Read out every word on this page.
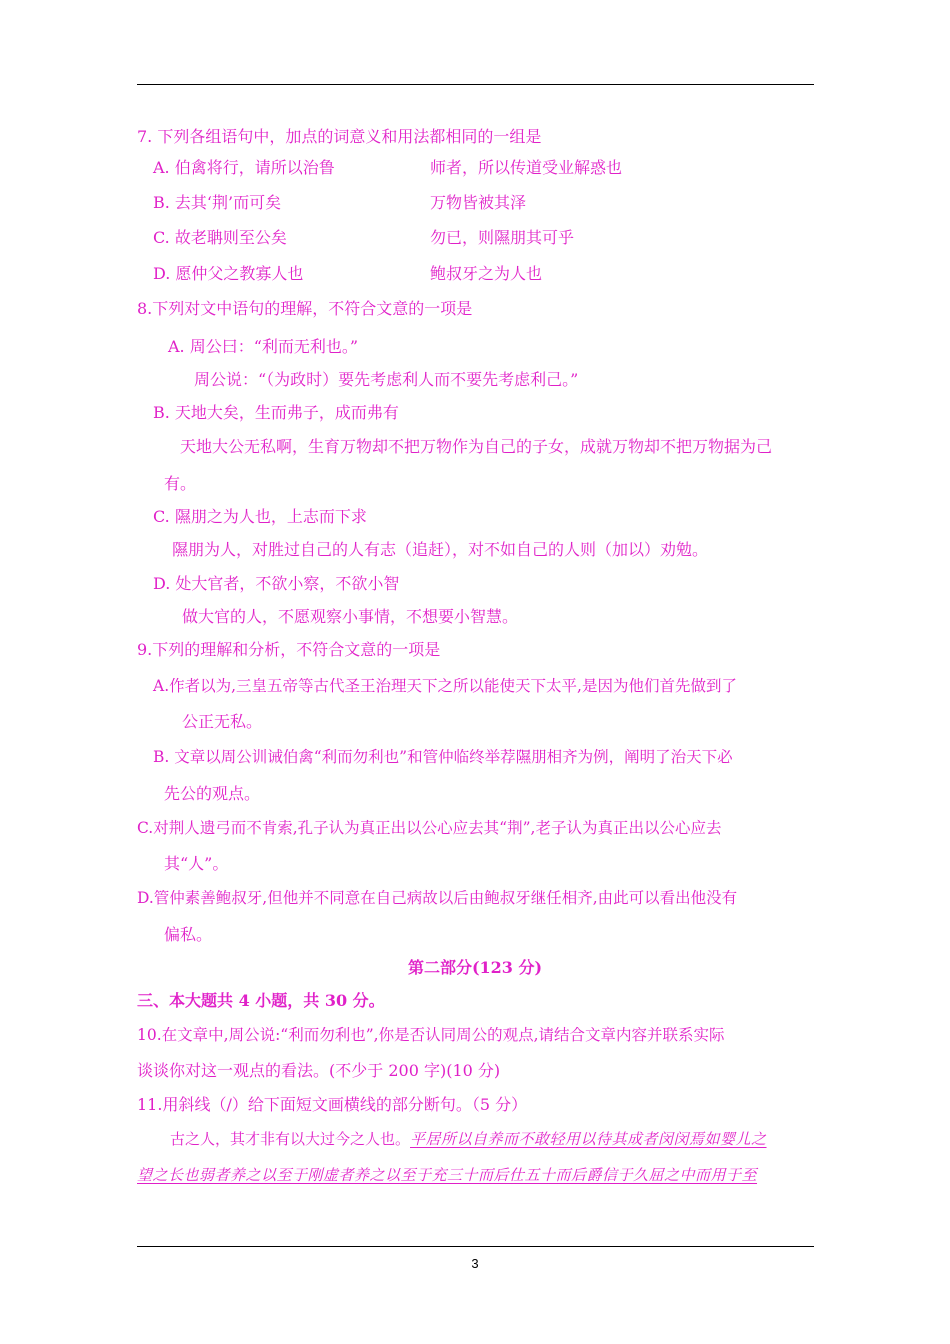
7. 下列各组语句中，加点的词意义和用法都相同的一组是
A. 伯禽将行，请所以治鲁	师者，所以传道受业解惑也
B. 去其‘荆’而可矣	万物皆被其泽
C. 故老聃则至公矣	勿已，则隰朋其可乎
D. 愿仲父之教寡人也	鲍叔牙之为人也
8.下列对文中语句的理解，不符合文意的一项是
A. 周公曰：“利而无利也。”
周公说：“（为政时）要先考虑利人而不要先考虑利己。”
B. 天地大矣，生而弗子，成而弗有
天地大公无私啊，生育万物却不把万物作为自己的子女，成就万物却不把万物据为己
有。
C. 隰朋之为人也，上志而下求
隰朋为人，对胜过自己的人有志（追赶），对不如自己的人则（加以）劝勉。
D. 处大官者，不欲小察，不欲小智
做大官的人，不愿观察小事情，不想要小智慧。
9.下列的理解和分析，不符合文意的一项是
A.作者以为,三皇五帝等古代圣王治理天下之所以能使天下太平,是因为他们首先做到了
公正无私。
B. 文章以周公训诫伯禽“利而勿利也”和管仲临终举荐隰朋相齐为例，阐明了治天下必
先公的观点。
C.对荆人遗弓而不肯索,孔子认为真正出以公心应去其“荆”,老子认为真正出以公心应去
其“人”。
D.管仲素善鲍叔牙,但他并不同意在自己病故以后由鲍叔牙继任相齐,由此可以看出他没有
偏私。
第二部分(123 分)
三、本大题共 4 小题，共 30 分。
10.在文章中,周公说:“利而勿利也”,你是否认同周公的观点,请结合文章内容并联系实际
谈谈你对这一观点的看法。(不少于 200 字)(10 分)
11.用斜线（/）给下面短文画横线的部分断句。（5 分）
古之人，其才非有以大过今之人也。平居所以自养而不敢轻用以待其成者闵闵焉如婴儿之
望之长也弱者养之以至于刚虚者养之以至于充三十而后仕五十而后爵信于久屈之中而用于至
3
